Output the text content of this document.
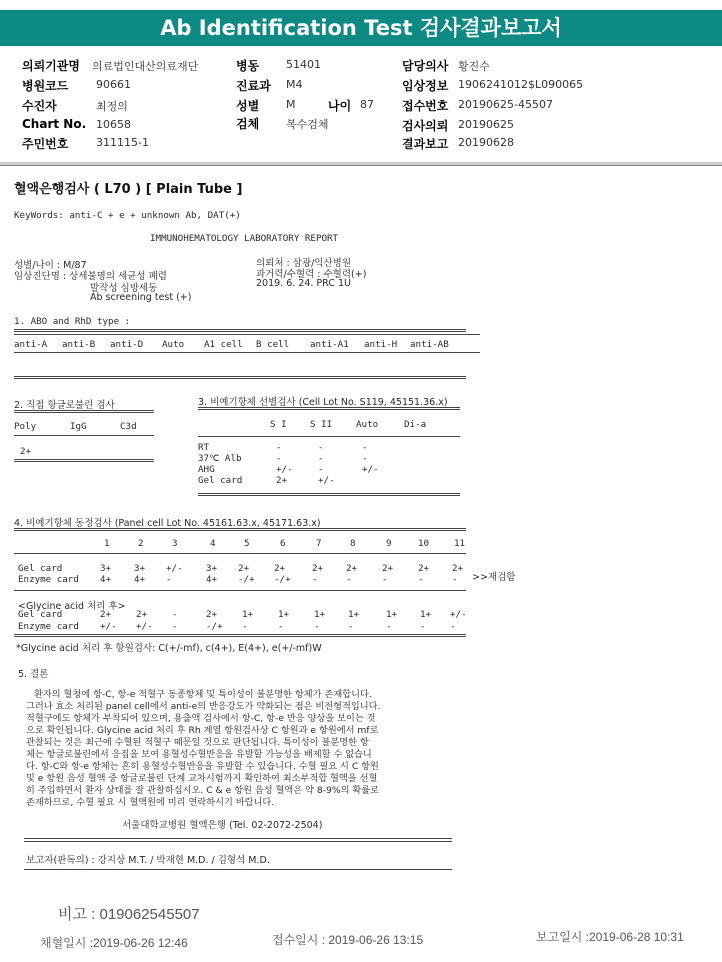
Ab Identification Test 검사결과보고서
의뢰기관명 의료법인대산의료재단	병동 51401	담당의사 황진수
병원코드	90661	진료과 M4	임상정보 1906241012$L090065
수진자	최정의	성별 M	나이 87 접수번호 20190625-45507
Chart No. 10658	검체 복수검체	검사의뢰 20190625
주민번호	311115-1	결과보고 20190628
혈액은행검사 ( L70 ) [ Plain Tube ]
KeyWords: anti-C + e + unknown Ab, DAT(+)
IMMUNOHEMATOLOGY LABORATORY REPORT
성별/나이 : M/87
임상진단명 : 상세불명의 세균성 폐렴
발작성 심방세동
Ab screening test (+)
의뢰처 : 삼광/익산병원
과거력/수혈력 : 수혈력(+)
2019. 6. 24. PRC 1U
1. ABO and RhD type :
anti-A anti-B anti-D Auto A1 cell B cell anti-A1 anti-H anti-AB
2. 직접 항글로불린 검사
Poly	IgG	C3d
2+
3. 비예기항체 선별검사 (Cell Lot No. S119, 45151.36.x)
S I	S II	Auto	Di-a
RT	-	-	-
37℃ Alb	-	-	-
AHG	+/-	-	+/-
Gel card	2+	+/-
4. 비예기항체 동정검사 (Panel cell Lot No. 45161.63.x, 45171.63.x)
1	2	3	4	5	6	7	8	9	10	11
Gel card	3+ 3+ +/-	3+ 2+	2+	2+ 2+	2+	2+ 2+
Enzyme card 4+ 4+ -	4+ -/+ -/+ -	-	-	-	- >>재검함
<Glycine acid 처리 후>
Gel card	2+	2+	-	2+	1+	1+	1+ 1+	1+ 1+ +/-
Enzyme card +/- +/- -	-/+ -	-	-	-	-	-	-
*Glycine acid 처리 후 항원검사: C(+/-mf), c(4+), E(4+), e(+/-mf)W
5. 결론
환자의 혈청에 항-C, 항-e 적혈구 동종항체 및 특이성이 불분명한 항체가 존재합니다.
그러나 효소 처리된 panel cell에서 anti-e의 반응강도가 약화되는 점은 비전형적입니다.
적혈구에도 항체가 부착되어 있으며, 용출액 검사에서 항-C, 항-e 반응 양상을 보이는 것
으로 확인됩니다. Glycine acid 처리 후 Rh 계열 항원검사상 C 항원과 e 항원에서 mf로
관찰되는 것은 최근에 수혈된 적혈구 때문일 것으로 판단됩니다. 특이성이 불분명한 항
체는 항글로불린에서 응집을 보여 용혈성수혈반응을 유발할 가능성을 배제할 수 없습니
다. 항-C와 항-e 항체는 흔히 용혈성수혈반응을 유발할 수 있습니다. 수혈 필요 시 C 항원
및 e 항원 음성 혈액 중 항글로불린 단계 교차시험까지 확인하여 최소부적합 혈액을 선혈
히 주입하면서 환자 상태를 잘 관찰하십시오. C & e 항원 음성 혈액은 약 8-9%의 확률로
존재하므로, 수혈 필요 시 혈액원에 미리 연락하시기 바랍니다.
서울대학교병원 혈액은행 (Tel. 02-2072-2504)
보고자(판독의) : 강지상 M.T. / 박재현 M.D. / 김형석 M.D.
비고 : 019062545507
채혈일시 :2019-06-26 12:46	접수일시 : 2019-06-26 13:15	보고일시 :2019-06-28 10:31
